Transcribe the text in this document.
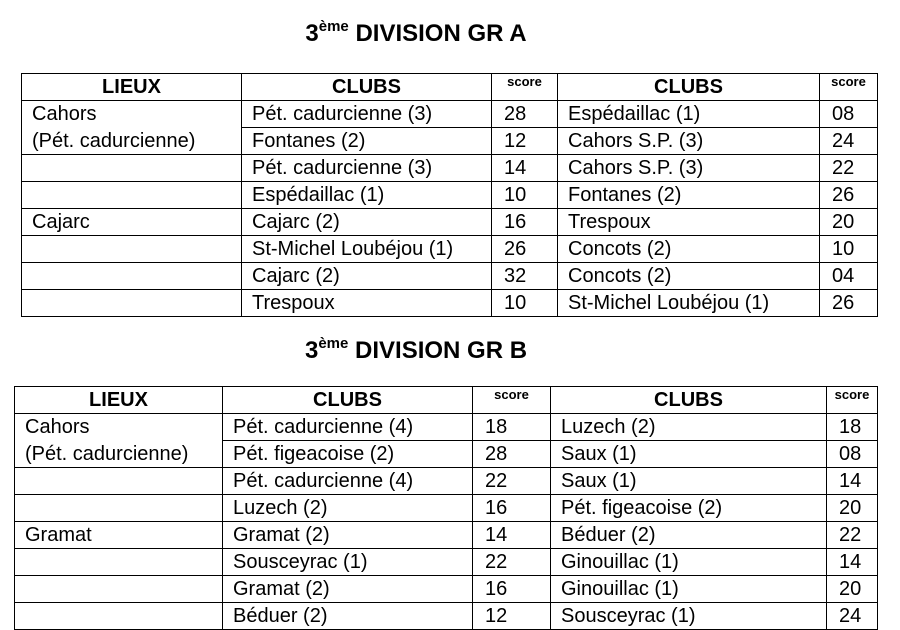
3ème DIVISION GR A
LIEUX	CLUBS	score	CLUBS	score
Cahors	Pét. cadurcienne (3)	28	Espédaillac (1)	08
(Pét. cadurcienne)	Fontanes (2)	12	Cahors S.P. (3)	24
	Pét. cadurcienne (3)	14	Cahors S.P. (3)	22
	Espédaillac (1)	10	Fontanes (2)	26
Cajarc	Cajarc (2)	16	Trespoux	20
	St-Michel Loubéjou (1)	26	Concots (2)	10
	Cajarc (2)	32	Concots (2)	04
	Trespoux	10	St-Michel Loubéjou (1)	26
3ème DIVISION GR B
LIEUX	CLUBS	score	CLUBS	score
Cahors	Pét. cadurcienne (4)	18	Luzech (2)	18
(Pét. cadurcienne)	Pét. figeacoise (2)	28	Saux (1)	08
	Pét. cadurcienne (4)	22	Saux (1)	14
	Luzech (2)	16	Pét. figeacoise (2)	20
Gramat	Gramat (2)	14	Béduer (2)	22
	Sousceyrac (1)	22	Ginouillac (1)	14
	Gramat (2)	16	Ginouillac (1)	20
	Béduer (2)	12	Sousceyrac (1)	24
